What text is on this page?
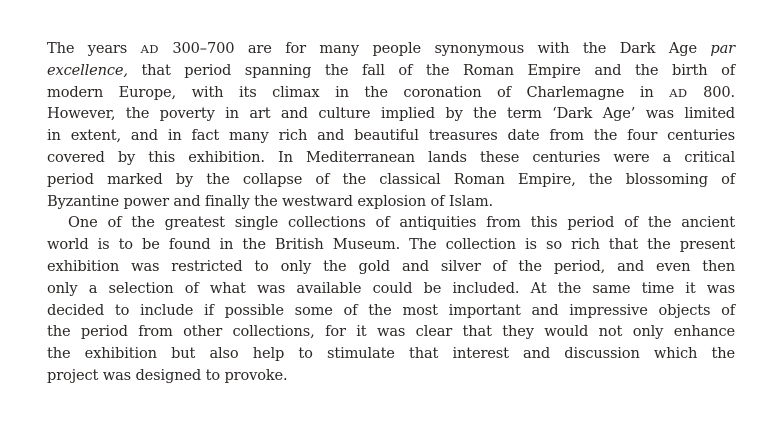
The years AD 300–700 are for many people synonymous with the Dark Age par
excellence, that period spanning the fall of the Roman Empire and the birth of
modern Europe, with its climax in the coronation of Charlemagne in AD 800.
However, the poverty in art and culture implied by the term ‘Dark Age’ was limited
in extent, and in fact many rich and beautiful treasures date from the four centuries
covered by this exhibition. In Mediterranean lands these centuries were a critical
period marked by the collapse of the classical Roman Empire, the blossoming of
Byzantine power and finally the westward explosion of Islam.
One of the greatest single collections of antiquities from this period of the ancient
world is to be found in the British Museum. The collection is so rich that the present
exhibition was restricted to only the gold and silver of the period, and even then
only a selection of what was available could be included. At the same time it was
decided to include if possible some of the most important and impressive objects of
the period from other collections, for it was clear that they would not only enhance
the exhibition but also help to stimulate that interest and discussion which the
project was designed to provoke.
